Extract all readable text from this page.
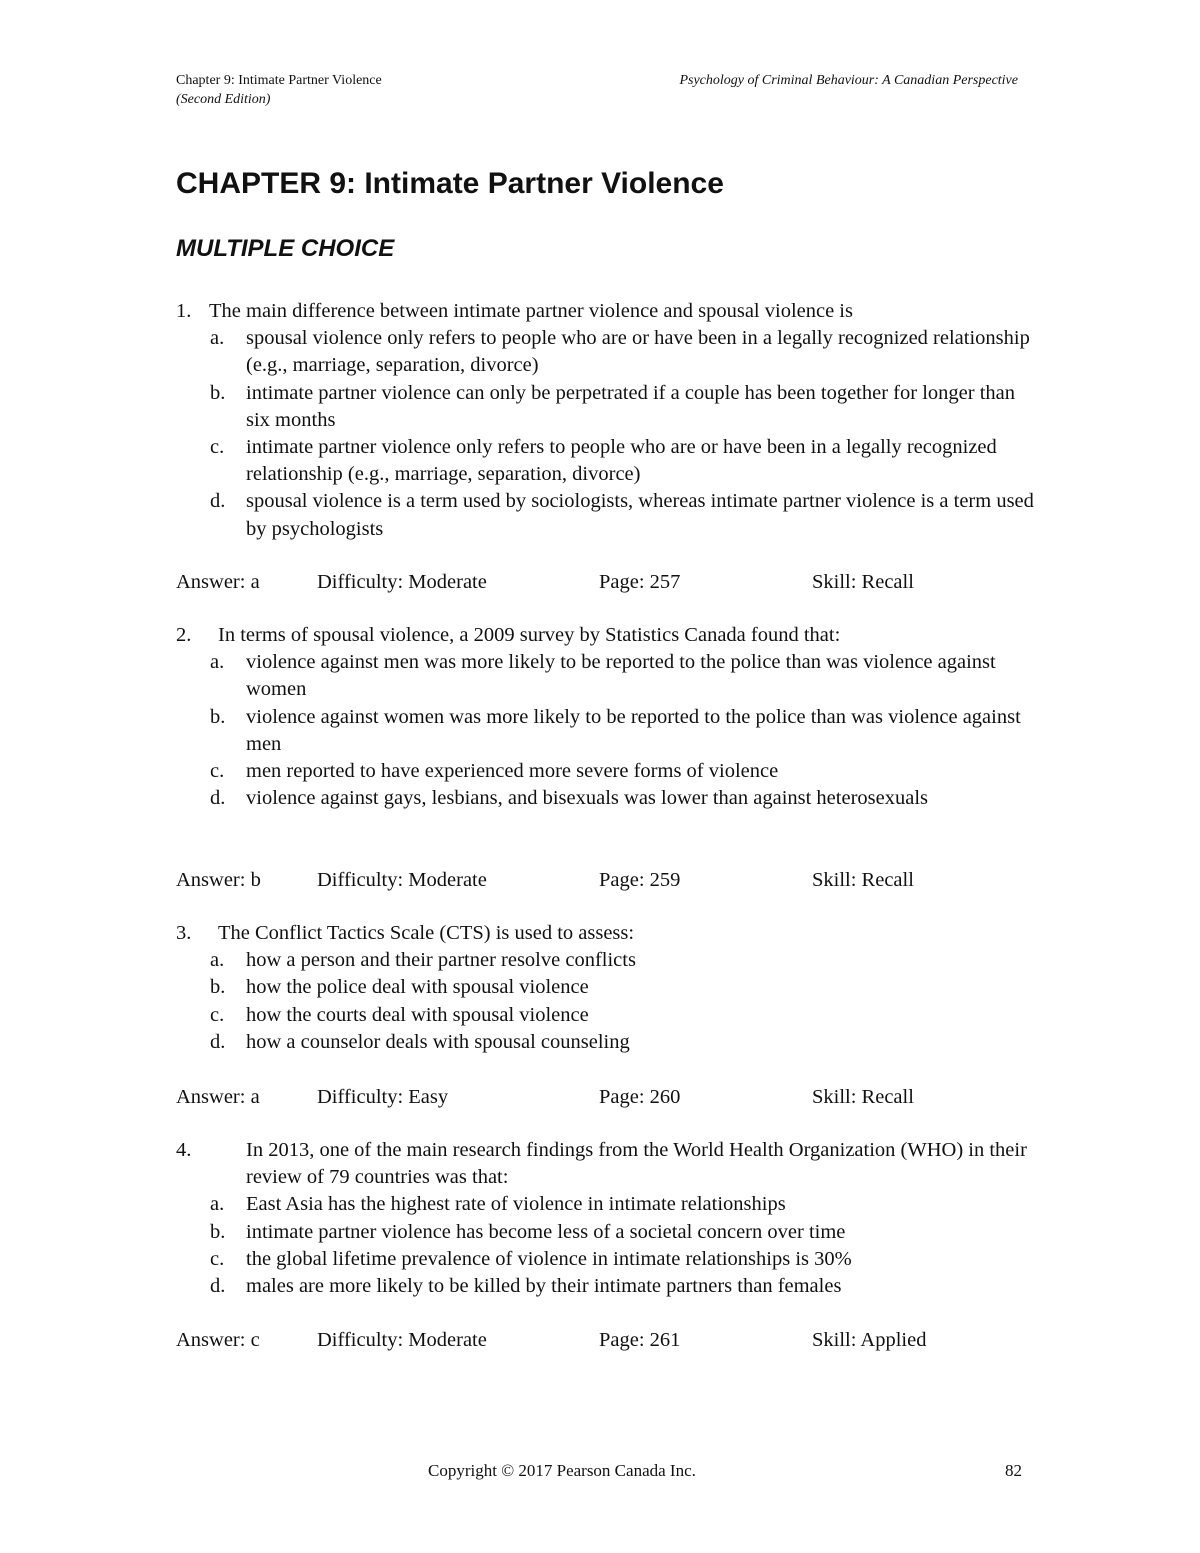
Chapter 9: Intimate Partner Violence
(Second Edition)
Psychology of Criminal Behaviour: A Canadian Perspective
CHAPTER 9: Intimate Partner Violence
MULTIPLE CHOICE
1. The main difference between intimate partner violence and spousal violence is
a. spousal violence only refers to people who are or have been in a legally recognized relationship (e.g., marriage, separation, divorce)
b. intimate partner violence can only be perpetrated if a couple has been together for longer than six months
c. intimate partner violence only refers to people who are or have been in a legally recognized relationship (e.g., marriage, separation, divorce)
d. spousal violence is a term used by sociologists, whereas intimate partner violence is a term used by psychologists
Answer: a	Difficulty: Moderate	Page: 257	Skill: Recall
2. In terms of spousal violence, a 2009 survey by Statistics Canada found that:
a. violence against men was more likely to be reported to the police than was violence against women
b. violence against women was more likely to be reported to the police than was violence against men
c. men reported to have experienced more severe forms of violence
d. violence against gays, lesbians, and bisexuals was lower than against heterosexuals
Answer: b	Difficulty: Moderate	Page: 259	Skill: Recall
3. The Conflict Tactics Scale (CTS) is used to assess:
a. how a person and their partner resolve conflicts
b. how the police deal with spousal violence
c. how the courts deal with spousal violence
d. how a counselor deals with spousal counseling
Answer: a	Difficulty: Easy	Page: 260	Skill: Recall
4.	In 2013, one of the main research findings from the World Health Organization (WHO) in their review of 79 countries was that:
a. East Asia has the highest rate of violence in intimate relationships
b. intimate partner violence has become less of a societal concern over time
c. the global lifetime prevalence of violence in intimate relationships is 30%
d. males are more likely to be killed by their intimate partners than females
Answer: c	Difficulty: Moderate	Page: 261	Skill: Applied
Copyright © 2017 Pearson Canada Inc.	82
